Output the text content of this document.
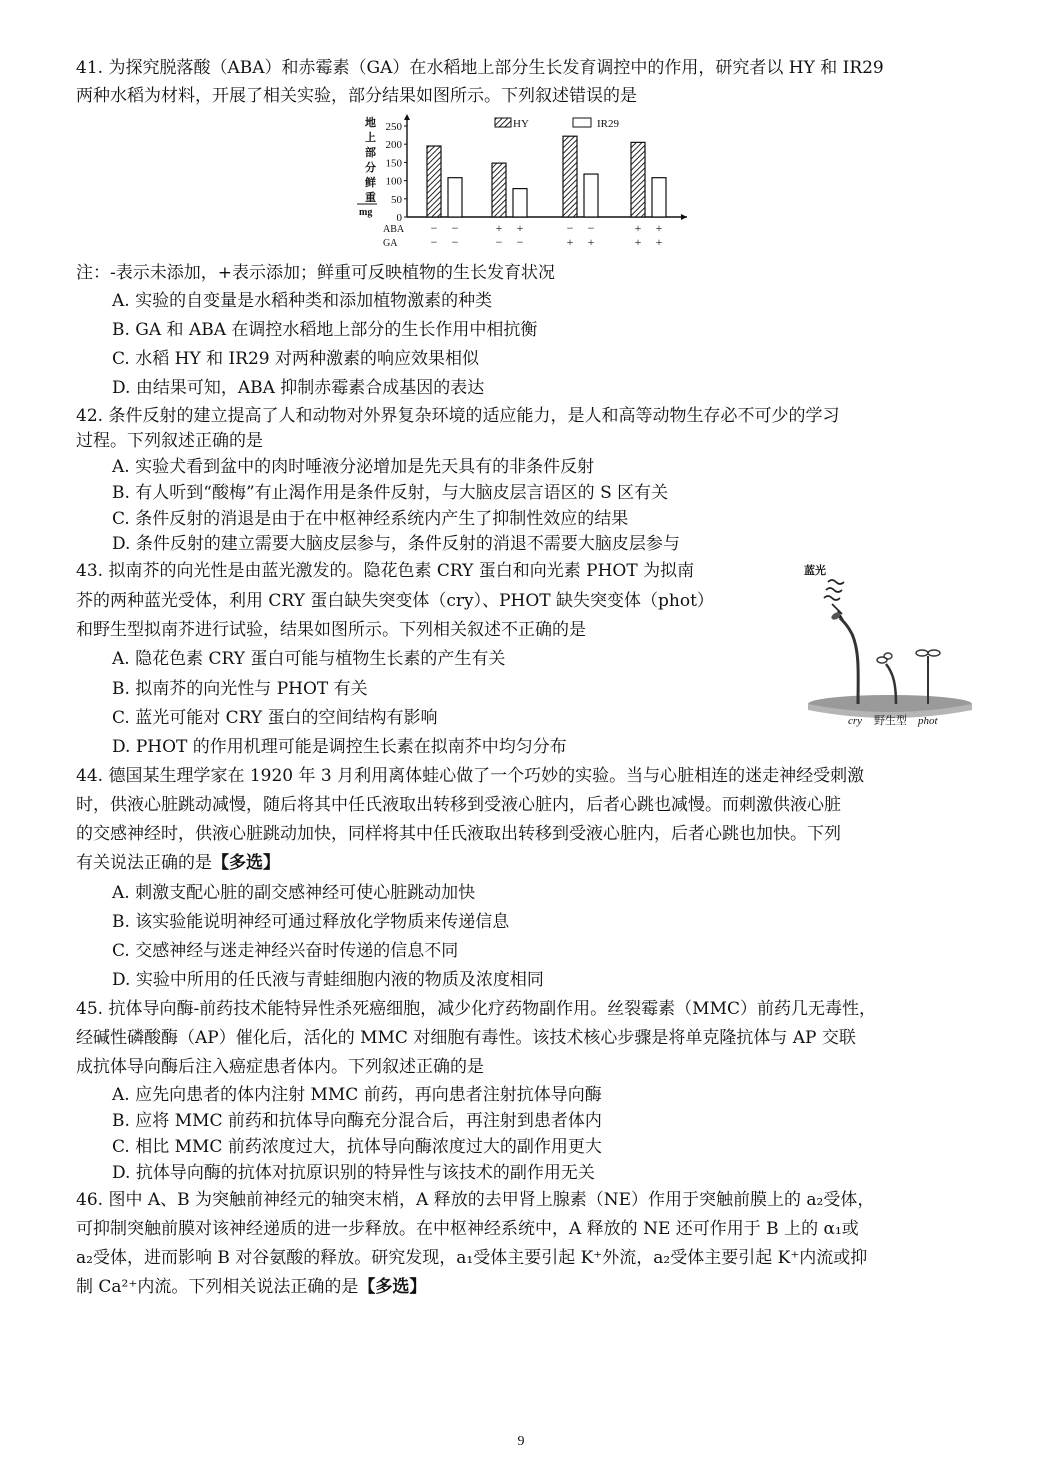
41. 为探究脱落酸（ABA）和赤霉素（GA）在水稻地上部分生长发育调控中的作用，研究者以 HY 和 IR29
两种水稻为材料，开展了相关实验，部分结果如图所示。下列叙述错误的是
地
上
部
分
鲜
重
mg
250
200
150
100
50
0
HY	IR29
ABA
GA
− −
− −
+ +
− −
− −
+ +
+ +
+ +
注：-表示未添加，+表示添加；鲜重可反映植物的生长发育状况
A. 实验的自变量是水稻种类和添加植物激素的种类
B. GA 和 ABA 在调控水稻地上部分的生长作用中相抗衡
C. 水稻 HY 和 IR29 对两种激素的响应效果相似
D. 由结果可知，ABA 抑制赤霉素合成基因的表达
42. 条件反射的建立提高了人和动物对外界复杂环境的适应能力，是人和高等动物生存必不可少的学习
过程。下列叙述正确的是
A. 实验犬看到盆中的肉时唾液分泌增加是先天具有的非条件反射
B. 有人听到“酸梅”有止渴作用是条件反射，与大脑皮层言语区的 S 区有关
C. 条件反射的消退是由于在中枢神经系统内产生了抑制性效应的结果
D. 条件反射的建立需要大脑皮层参与，条件反射的消退不需要大脑皮层参与
43. 拟南芥的向光性是由蓝光激发的。隐花色素 CRY 蛋白和向光素 PHOT 为拟南
芥的两种蓝光受体，利用 CRY 蛋白缺失突变体（cry）、PHOT 缺失突变体（phot）
和野生型拟南芥进行试验，结果如图所示。下列相关叙述不正确的是
A. 隐花色素 CRY 蛋白可能与植物生长素的产生有关
B. 拟南芥的向光性与 PHOT 有关
C. 蓝光可能对 CRY 蛋白的空间结构有影响
D. PHOT 的作用机理可能是调控生长素在拟南芥中均匀分布
蓝光
cry 野生型 phot
44. 德国某生理学家在 1920 年 3 月利用离体蛙心做了一个巧妙的实验。当与心脏相连的迷走神经受刺激
时，供液心脏跳动减慢，随后将其中任氏液取出转移到受液心脏内，后者心跳也减慢。而刺激供液心脏
的交感神经时，供液心脏跳动加快，同样将其中任氏液取出转移到受液心脏内，后者心跳也加快。下列
有关说法正确的是【多选】
A. 刺激支配心脏的副交感神经可使心脏跳动加快
B. 该实验能说明神经可通过释放化学物质来传递信息
C. 交感神经与迷走神经兴奋时传递的信息不同
D. 实验中所用的任氏液与青蛙细胞内液的物质及浓度相同
45. 抗体导向酶-前药技术能特异性杀死癌细胞，减少化疗药物副作用。丝裂霉素（MMC）前药几无毒性，
经碱性磷酸酶（AP）催化后，活化的 MMC 对细胞有毒性。该技术核心步骤是将单克隆抗体与 AP 交联
成抗体导向酶后注入癌症患者体内。下列叙述正确的是
A. 应先向患者的体内注射 MMC 前药，再向患者注射抗体导向酶
B. 应将 MMC 前药和抗体导向酶充分混合后，再注射到患者体内
C. 相比 MMC 前药浓度过大，抗体导向酶浓度过大的副作用更大
D. 抗体导向酶的抗体对抗原识别的特异性与该技术的副作用无关
46. 图中 A、B 为突触前神经元的轴突末梢，A 释放的去甲肾上腺素（NE）作用于突触前膜上的 a₂受体，
可抑制突触前膜对该神经递质的进一步释放。在中枢神经系统中，A 释放的 NE 还可作用于 B 上的 α₁或
a₂受体，进而影响 B 对谷氨酸的释放。研究发现，a₁受体主要引起 K⁺外流，a₂受体主要引起 K⁺内流或抑
制 Ca²⁺内流。下列相关说法正确的是【多选】
9
